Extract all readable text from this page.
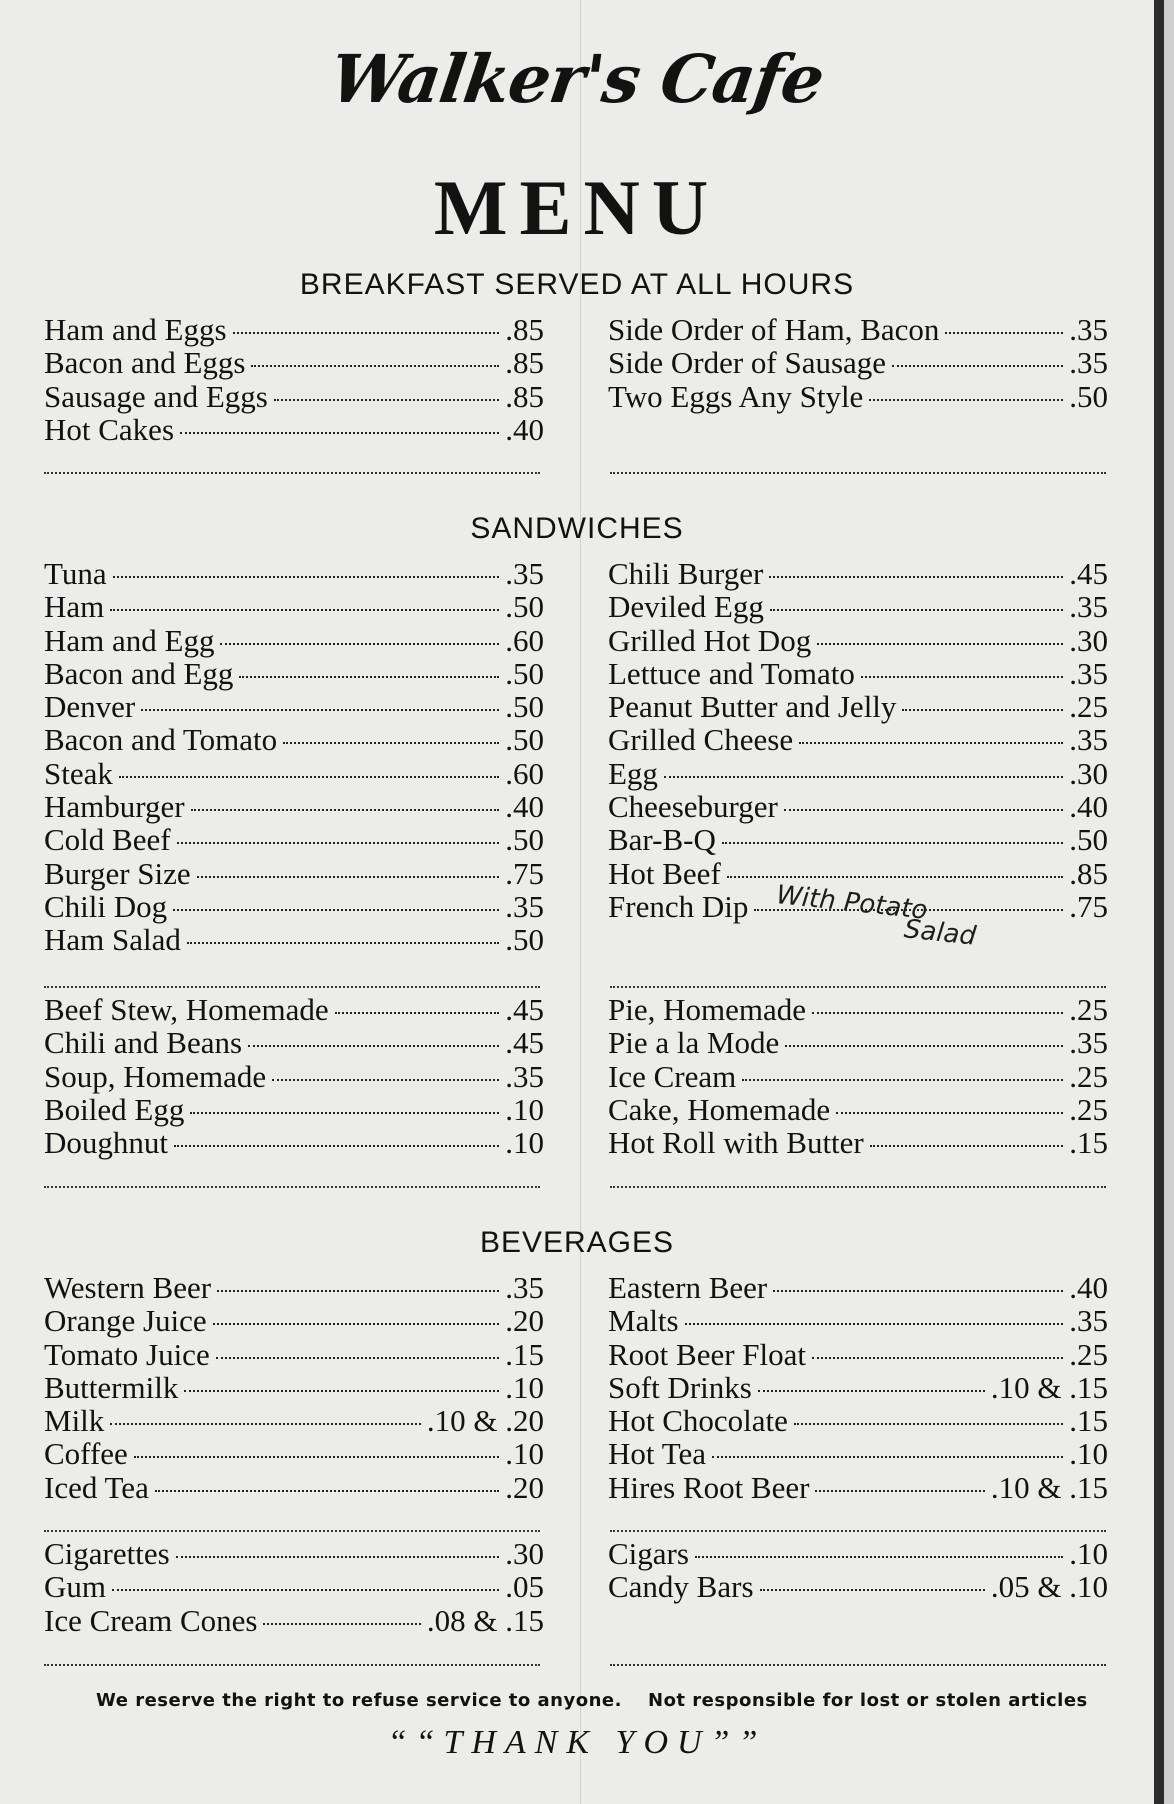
Walker's Cafe
MENU
BREAKFAST SERVED AT ALL HOURS
Ham and Eggs	.85
Bacon and Eggs	.85
Sausage and Eggs	.85
Hot Cakes	.40
Side Order of Ham, Bacon	.35
Side Order of Sausage	.35
Two Eggs Any Style	.50
SANDWICHES
Tuna	.35
Ham	.50
Ham and Egg	.60
Bacon and Egg	.50
Denver	.50
Bacon and Tomato	.50
Steak	.60
Hamburger	.40
Cold Beef	.50
Burger Size	.75
Chili Dog	.35
Ham Salad	.50
Chili Burger	.45
Deviled Egg	.35
Grilled Hot Dog	.30
Lettuce and Tomato	.35
Peanut Butter and Jelly	.25
Grilled Cheese	.35
Egg	.30
Cheeseburger	.40
Bar-B-Q	.50
Hot Beef	.85
French Dip	.75
With Potato
Salad
Beef Stew, Homemade	.45
Chili and Beans	.45
Soup, Homemade	.35
Boiled Egg	.10
Doughnut	.10
Pie, Homemade	.25
Pie a la Mode	.35
Ice Cream	.25
Cake, Homemade	.25
Hot Roll with Butter	.15
BEVERAGES
Western Beer	.35
Orange Juice	.20
Tomato Juice	.15
Buttermilk	.10
Milk	.10 & .20
Coffee	.10
Iced Tea	.20
Eastern Beer	.40
Malts	.35
Root Beer Float	.25
Soft Drinks	.10 & .15
Hot Chocolate	.15
Hot Tea	.10
Hires Root Beer	.10 & .15
Cigarettes	.30
Gum	.05
Ice Cream Cones	.08 & .15
Cigars	.10
Candy Bars	.05 & .10
We reserve the right to refuse service to anyone. Not responsible for lost or stolen articles
““THANK YOU””
